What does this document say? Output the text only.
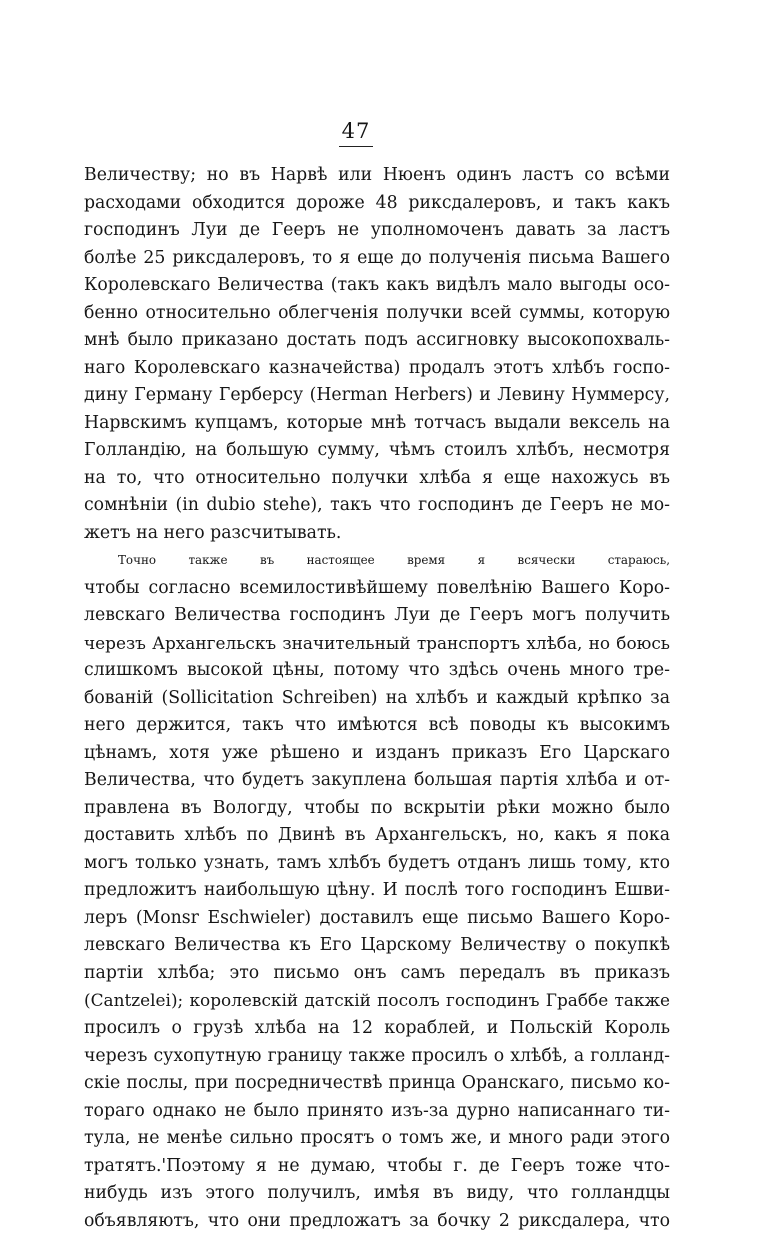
47
Величеству; но въ Нарвѣ или Нюенъ одинъ ластъ со всѣми
расходами обходится дороже 48 риксдалеровъ, и такъ какъ
господинъ Луи де Гееръ не уполномоченъ давать за ластъ
болѣе 25 риксдалеровъ, то я еще до полученія письма Вашего
Королевскаго Величества (такъ какъ видѣлъ мало выгоды осо-
бенно относительно облегченія получки всей суммы, которую
мнѣ было приказано достать подъ ассигновку высокопохваль-
наго Королевскаго казначейства) продалъ этотъ хлѣбъ госпо-
дину Герману Герберсу (Herman Herbers) и Левину Нуммерсу,
Нарвскимъ купцамъ, которые мнѣ тотчасъ выдали вексель на
Голландію, на большую сумму, чѣмъ стоилъ хлѣбъ, несмотря
на то, что относительно получки хлѣба я еще нахожусь въ
сомнѣніи (in dubio stehe), такъ что господинъ де Гееръ не мо-
жетъ на него разсчитывать.
Точно также въ настоящее время я всячески стараюсь,
чтобы согласно всемилостивѣйшему повелѣнію Вашего Коро-
левскаго Величества господинъ Луи де Гееръ могъ получить
черезъ Архангельскъ значительный транспортъ хлѣба, но боюсь
слишкомъ высокой цѣны, потому что здѣсь очень много тре-
бованій (Sollicitation Schreiben) на хлѣбъ и каждый крѣпко за
него держится, такъ что имѣются всѣ поводы къ высокимъ
цѣнамъ, хотя уже рѣшено и изданъ приказъ Его Царскаго
Величества, что будетъ закуплена большая партія хлѣба и от-
правлена въ Вологду, чтобы по вскрытіи рѣки можно было
доставить хлѣбъ по Двинѣ въ Архангельскъ, но, какъ я пока
могъ только узнать, тамъ хлѣбъ будетъ отданъ лишь тому, кто
предложитъ наибольшую цѣну. И послѣ того господинъ Ешви-
леръ (Monsr Eschwieler) доставилъ еще письмо Вашего Коро-
левскаго Величества къ Его Царскому Величеству о покупкѣ
партіи хлѣба; это письмо онъ самъ передалъ въ приказъ
(Cantzelei); королевскій датскій посолъ господинъ Граббе также
просилъ о грузѣ хлѣба на 12 кораблей, и Польскій Король
черезъ сухопутную границу также просилъ о хлѣбѣ, а голланд-
скіе послы, при посредничествѣ принца Оранскаго, письмо ко-
тораго однако не было принято изъ-за дурно написаннаго ти-
тула, не менѣе сильно просятъ о томъ же, и много ради этого
тратятъ.'Поэтому я не думаю, чтобы г. де Гееръ тоже что-
нибудь изъ этого получилъ, имѣя въ виду, что голландцы
объявляютъ, что они предложатъ за бочку 2 риксдалера, что
